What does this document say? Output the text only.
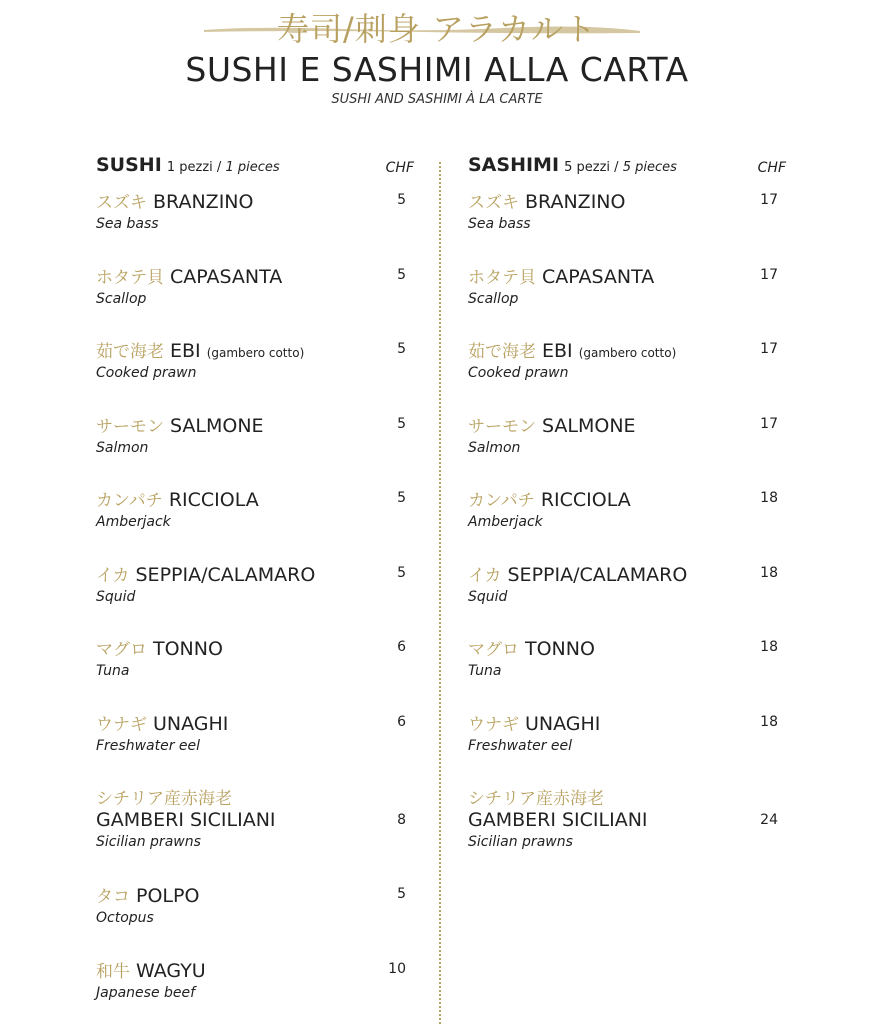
寿司/刺身 アラカルト
SUSHI E SASHIMI ALLA CARTA
SUSHI AND SASHIMI À LA CARTE
SUSHI 1 pezzi / 1 pieces	CHF
スズキ BRANZINO
Sea bass
5
ホタテ貝 CAPASANTA
Scallop
5
茹で海老 EBI (gambero cotto)
Cooked prawn
5
サーモン SALMONE
Salmon
5
カンパチ RICCIOLA
Amberjack
5
イカ SEPPIA/CALAMARO
Squid
5
マグロ TONNO
Tuna
6
ウナギ UNAGHI
Freshwater eel
6
シチリア産赤海老
GAMBERI SICILIANI
Sicilian prawns
8
タコ POLPO
Octopus
5
和牛 WAGYU
Japanese beef
10
SASHIMI 5 pezzi / 5 pieces	CHF
スズキ BRANZINO
Sea bass
17
ホタテ貝 CAPASANTA
Scallop
17
茹で海老 EBI (gambero cotto)
Cooked prawn
17
サーモン SALMONE
Salmon
17
カンパチ RICCIOLA
Amberjack
18
イカ SEPPIA/CALAMARO
Squid
18
マグロ TONNO
Tuna
18
ウナギ UNAGHI
Freshwater eel
18
シチリア産赤海老
GAMBERI SICILIANI
Sicilian prawns
24
